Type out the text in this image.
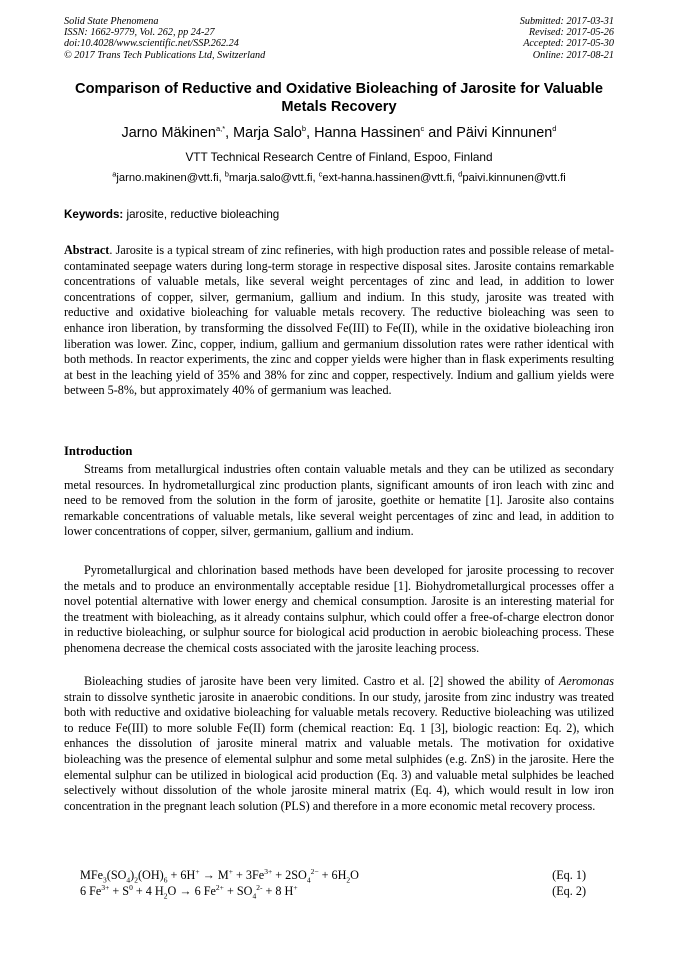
Solid State Phenomena
ISSN: 1662-9779, Vol. 262, pp 24-27
doi:10.4028/www.scientific.net/SSP.262.24
© 2017 Trans Tech Publications Ltd, Switzerland
Submitted: 2017-03-31
Revised: 2017-05-26
Accepted: 2017-05-30
Online: 2017-08-21
Comparison of Reductive and Oxidative Bioleaching of Jarosite for Valuable Metals Recovery
Jarno Mäkinen$^{a,*}$, Marja Salo$^b$, Hanna Hassinen$^c$ and Päivi Kinnunen$^d$
VTT Technical Research Centre of Finland, Espoo, Finland
$^a$jarno.makinen@vtt.fi, $^b$marja.salo@vtt.fi, $^c$ext-hanna.hassinen@vtt.fi, $^d$paivi.kinnunen@vtt.fi
Keywords: jarosite, reductive bioleaching

Abstract. Jarosite is a typical stream of zinc refineries, with high production rates and possible release of metal-contaminated seepage waters during long-term storage in respective disposal sites. Jarosite contains remarkable concentrations of valuable metals, like several weight percentages of zinc and lead, in addition to lower concentrations of copper, silver, germanium, gallium and indium. In this study, jarosite was treated with reductive and oxidative bioleaching for valuable metals recovery. The reductive bioleaching was seen to enhance iron liberation, by transforming the dissolved Fe(III) to Fe(II), while in the oxidative bioleaching iron liberation was lower. Zinc, copper, indium, gallium and germanium dissolution rates were rather identical with both methods. In reactor experiments, the zinc and copper yields were higher than in flask experiments resulting at best in the leaching yield of 35% and 38% for zinc and copper, respectively. Indium and gallium yields were between 5-8%, but approximately 40% of germanium was leached.

Introduction

Streams from metallurgical industries often contain valuable metals and they can be utilized as secondary metal resources. In hydrometallurgical zinc production plants, significant amounts of iron leach with zinc and need to be removed from the solution in the form of jarosite, goethite or hematite [1]. Jarosite also contains remarkable concentrations of valuable metals, like several weight percentages of zinc and lead, in addition to lower concentrations of copper, silver, germanium, gallium and indium.

Pyrometallurgical and chlorination based methods have been developed for jarosite processing to recover the metals and to produce an environmentally acceptable residue [1]. Biohydrometallurgical processes offer a novel potential alternative with lower energy and chemical consumption. Jarosite is an interesting material for the treatment with bioleaching, as it already contains sulphur, which could offer a free-of-charge electron donor in reductive bioleaching, or sulphur source for biological acid production in aerobic bioleaching process. These phenomena decrease the chemical costs associated with the jarosite leaching process.

Bioleaching studies of jarosite have been very limited. Castro et al. [2] showed the ability of Aeromonas strain to dissolve synthetic jarosite in anaerobic conditions. In our study, jarosite from zinc industry was treated both with reductive and oxidative bioleaching for valuable metals recovery. Reductive bioleaching was utilized to reduce Fe(III) to more soluble Fe(II) form (chemical reaction: Eq. 1 [3], biologic reaction: Eq. 2), which enhances the dissolution of jarosite mineral matrix and valuable metals. The motivation for oxidative bioleaching was the presence of elemental sulphur and some metal sulphides (e.g. ZnS) in the jarosite. Here the elemental sulphur can be utilized in biological acid production (Eq. 3) and valuable metal sulphides be leached selectively without dissolution of the whole jarosite mineral matrix (Eq. 4), which would result in low iron concentration in the pregnant leach solution (PLS) and therefore in a more economic metal recovery process.

$MFe_3(SO_4)_2(OH)_6 + 6H^+ \to M^+ + 3Fe^{3+} + 2SO_4^{2-} + 6H_2O$	(Eq. 1)
6 $Fe^{3+} + S^0 + 4$ $H_2O \to 6$ $Fe^{2+} + SO_4^{2-} + 8$ H+	(Eq. 2)
